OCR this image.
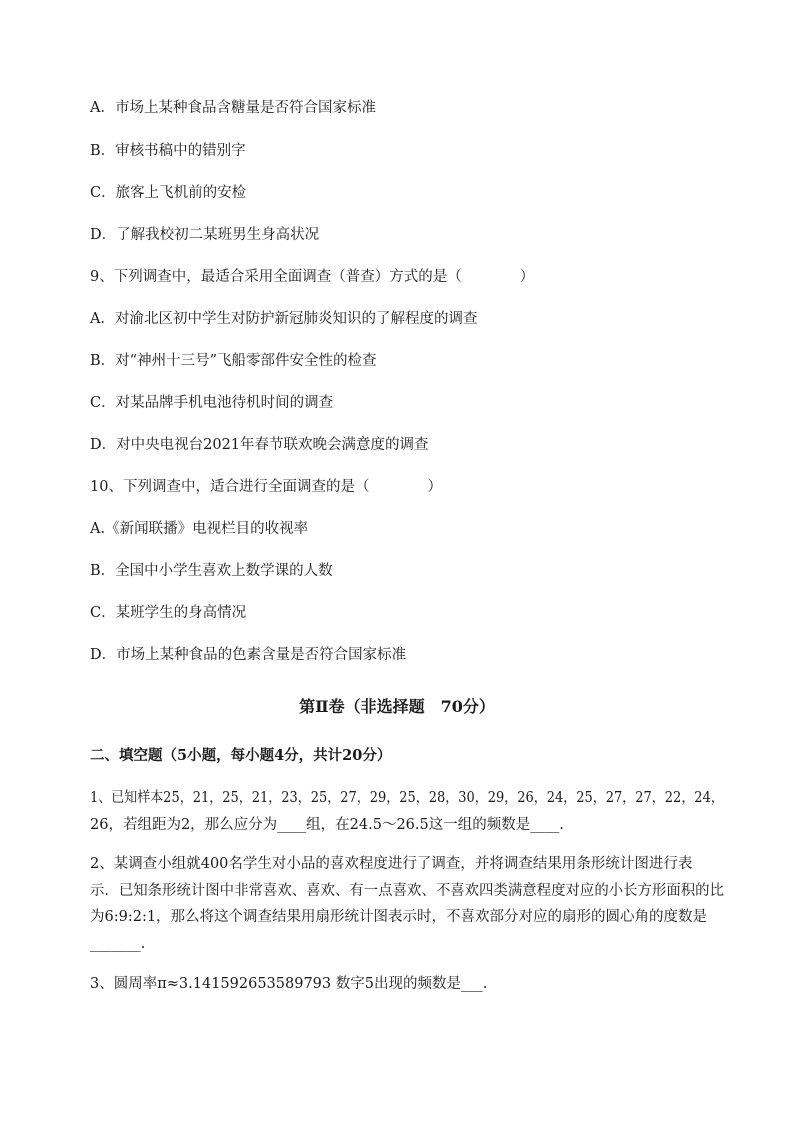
A．市场上某种食品含糖量是否符合国家标准
B．审核书稿中的错别字
C．旅客上飞机前的安检
D．了解我校初二某班男生身高状况
9、下列调查中，最适合采用全面调查（普查）方式的是（　　　　）
A．对渝北区初中学生对防护新冠肺炎知识的了解程度的调查
B．对“神州十三号”飞船零部件安全性的检查
C．对某品牌手机电池待机时间的调查
D．对中央电视台2021年春节联欢晚会满意度的调查
10、下列调查中，适合进行全面调查的是（　　　　）
A.《新闻联播》电视栏目的收视率
B．全国中小学生喜欢上数学课的人数
C．某班学生的身高情况
D．市场上某种食品的色素含量是否符合国家标准
第Ⅱ卷（非选择题　70分）
二、填空题（5小题，每小题4分，共计20分）
1、已知样本25，21，25，21，23，25，27，29，25，28，30，29，26，24，25，27，27，22，24，
26，若组距为2，那么应分为____组，在24.5～26.5这一组的频数是____.
2、某调查小组就400名学生对小品的喜欢程度进行了调查，并将调查结果用条形统计图进行表
示．已知条形统计图中非常喜欢、喜欢、有一点喜欢、不喜欢四类满意程度对应的小长方形面积的比
为6:9:2:1，那么将这个调查结果用扇形统计图表示时，不喜欢部分对应的扇形的圆心角的度数是
_______.
3、圆周率π≈3.141592653589793 数字5出现的频数是___.
